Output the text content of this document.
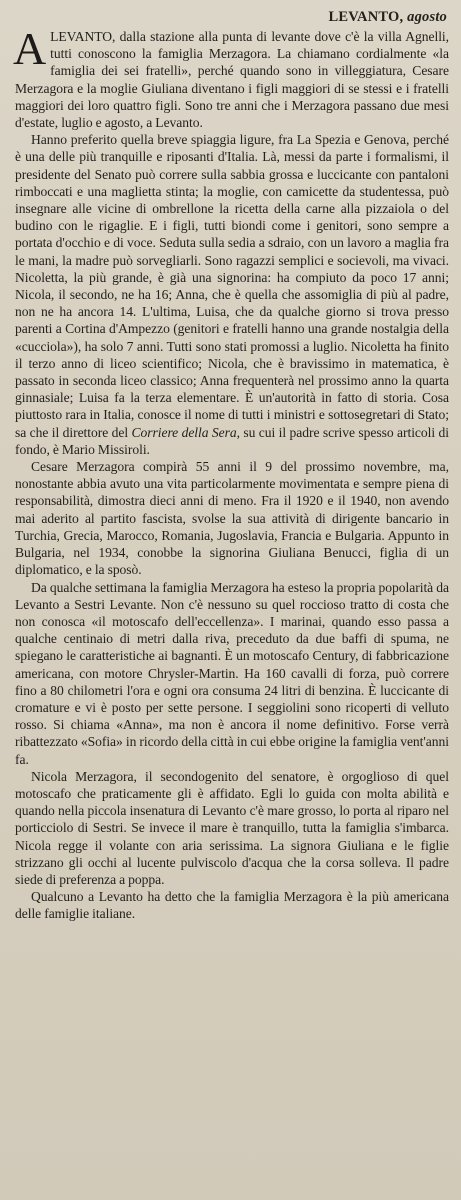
LEVANTO, agosto

ALEVANTO, dalla stazione alla punta di levante dove c'è la villa Agnelli, tutti conoscono la famiglia Merzagora. La chiamano cordialmente «la famiglia dei sei fratelli», perché quando sono in villeggiatura, Cesare Merzagora e la moglie Giuliana diventano i figli maggiori di se stessi e i fratelli maggiori dei loro quattro figli. Sono tre anni che i Merzagora passano due mesi d'estate, luglio e agosto, a Levanto.

Hanno preferito quella breve spiaggia ligure, fra La Spezia e Genova, perché è una delle più tranquille e riposanti d'Italia. Là, messi da parte i formalismi, il presidente del Senato può correre sulla sabbia grossa e luccicante con pantaloni rimboccati e una maglietta stinta; la moglie, con camicette da studentessa, può insegnare alle vicine di ombrellone la ricetta della carne alla pizzaiola o del budino con le rigaglie. E i figli, tutti biondi come i genitori, sono sempre a portata d'occhio e di voce. Seduta sulla sedia a sdraio, con un lavoro a maglia fra le mani, la madre può sorvegliarli. Sono ragazzi semplici e socievoli, ma vivaci. Nicoletta, la più grande, è già una signorina: ha compiuto da poco 17 anni; Nicola, il secondo, ne ha 16; Anna, che è quella che assomiglia di più al padre, non ne ha ancora 14. L'ultima, Luisa, che da qualche giorno si trova presso parenti a Cortina d'Ampezzo (genitori e fratelli hanno una grande nostalgia della «cucciola»), ha solo 7 anni. Tutti sono stati promossi a luglio. Nicoletta ha finito il terzo anno di liceo scientifico; Nicola, che è bravissimo in matematica, è passato in seconda liceo classico; Anna frequenterà nel prossimo anno la quarta ginnasiale; Luisa fa la terza elementare. È un'autorità in fatto di storia. Cosa piuttosto rara in Italia, conosce il nome di tutti i ministri e sottosegretari di Stato; sa che il direttore del Corriere della Sera, su cui il padre scrive spesso articoli di fondo, è Mario Missiroli.

Cesare Merzagora compirà 55 anni il 9 del prossimo novembre, ma, nonostante abbia avuto una vita particolarmente movimentata e sempre piena di responsabilità, dimostra dieci anni di meno. Fra il 1920 e il 1940, non avendo mai aderito al partito fascista, svolse la sua attività di dirigente bancario in Turchia, Grecia, Marocco, Romania, Jugoslavia, Francia e Bulgaria. Appunto in Bulgaria, nel 1934, conobbe la signorina Giuliana Benucci, figlia di un diplomatico, e la sposò.

Da qualche settimana la famiglia Merzagora ha esteso la propria popolarità da Levanto a Sestri Levante. Non c'è nessuno su quel roccioso tratto di costa che non conosca «il motoscafo dell'eccellenza». I marinai, quando esso passa a qualche centinaio di metri dalla riva, preceduto da due baffi di spuma, ne spiegano le caratteristiche ai bagnanti. È un motoscafo Century, di fabbricazione americana, con motore Chrysler-Martin. Ha 160 cavalli di forza, può correre fino a 80 chilometri l'ora e ogni ora consuma 24 litri di benzina. È luccicante di cromature e vi è posto per sette persone. I seggiolini sono ricoperti di velluto rosso. Si chiama «Anna», ma non è ancora il nome definitivo. Forse verrà ribattezzato «Sofia» in ricordo della città in cui ebbe origine la famiglia vent'anni fa.

Nicola Merzagora, il secondogenito del senatore, è orgoglioso di quel motoscafo che praticamente gli è affidato. Egli lo guida con molta abilità e quando nella piccola insenatura di Levanto c'è mare grosso, lo porta al riparo nel porticciolo di Sestri. Se invece il mare è tranquillo, tutta la famiglia s'imbarca. Nicola regge il volante con aria serissima. La signora Giuliana e le figlie strizzano gli occhi al lucente pulviscolo d'acqua che la corsa solleva. Il padre siede di preferenza a poppa.

Qualcuno a Levanto ha detto che la famiglia Merzagora è la più americana delle famiglie italiane.
